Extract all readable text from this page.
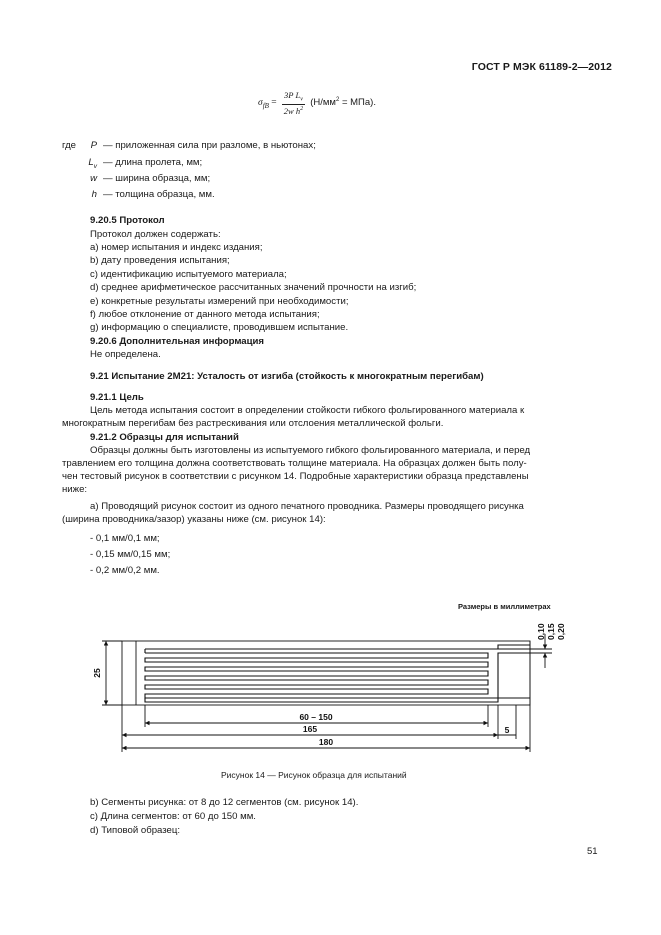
ГОСТ Р МЭК 61189-2—2012
$\sigma_{fB} = \frac{3P L_v}{2w h^2} (Н/мм^2 = МПа)$.
где	P — приложенная сила при разломе, в ньютонах;
$L_v$ — длина пролета, мм;
w — ширина образца, мм;
h — толщина образца, мм.
9.20.5 Протокол
Протокол должен содержать:
а) номер испытания и индекс издания;
b) дату проведения испытания;
c) идентификацию испытуемого материала;
d) среднее арифметическое рассчитанных значений прочности на изгиб;
e) конкретные результаты измерений при необходимости;
f) любое отклонение от данного метода испытания;
g) информацию о специалисте, проводившем испытание.
9.20.6 Дополнительная информация
Не определена.
9.21 Испытание 2М21: Усталость от изгиба (стойкость к многократным перегибам)
9.21.1 Цель
Цель метода испытания состоит в определении стойкости гибкого фольгированного материала к
многократным перегибам без растрескивания или отслоения металлической фольги.
9.21.2 Образцы для испытаний
Образцы должны быть изготовлены из испытуемого гибкого фольгированного материала, и перед
травлением его толщина должна соответствовать толщине материала. На образцах должен быть полу-
чен тестовый рисунок в соответствии с рисунком 14. Подробные характеристики образца представлены
ниже:
а) Проводящий рисунок состоит из одного печатного проводника. Размеры проводящего рисунка
(ширина проводника/зазор) указаны ниже (см. рисунок 14):
- 0,1 мм/0,1 мм;
- 0,15 мм/0,15 мм;
- 0,2 мм/0,2 мм.
Размеры в миллиметрах
25
60 – 150
165	5
180
0,10 0,15 0,20
Рисунок 14 — Рисунок образца для испытаний
b) Сегменты рисунка: от 8 до 12 сегментов (см. рисунок 14).
c) Длина сегментов: от 60 до 150 мм.
d) Типовой образец:
51
